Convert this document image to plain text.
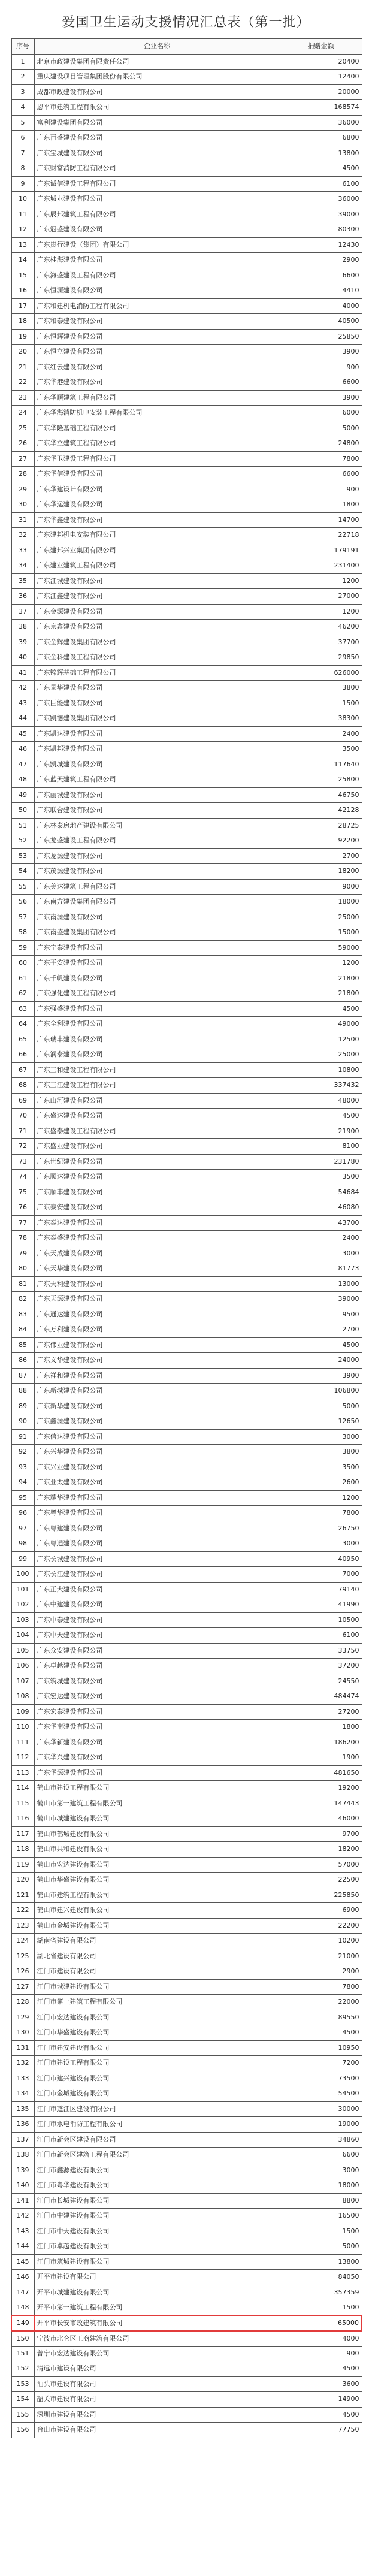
爱国卫生运动支援情况汇总表（第一批）
序号	企业名称	捐赠金额
1	北京市政建设集团有限责任公司	20400
2	重庆建设项目管理集团股份有限公司	12400
3	成都市政建设有限公司	20000
4	恩平市建筑工程有限公司	168574
5	富利建设集团有限公司	36000
6	广东百盛建设有限公司	6800
7	广东宝城建设有限公司	13800
8	广东财富消防工程有限公司	4500
9	广东诚信建设工程有限公司	6100
10	广东城业建设有限公司	36000
11	广东辰邦建筑工程有限公司	39000
12	广东冠盛建设有限公司	80300
13	广东贵行建设（集团）有限公司	12430
14	广东桂海建设有限公司	2900
15	广东海盛建设工程有限公司	6600
16	广东恒源建设有限公司	4410
17	广东和建机电消防工程有限公司	4000
18	广东和泰建设有限公司	40500
19	广东恒辉建设有限公司	25850
20	广东恒立建设有限公司	3900
21	广东红云建设有限公司	900
22	广东华港建设有限公司	6600
23	广东华顺建筑工程有限公司	3900
24	广东华海消防机电安装工程有限公司	6000
25	广东华隆基础工程有限公司	5000
26	广东华立建筑工程有限公司	24800
27	广东华卫建设工程有限公司	7800
28	广东华信建设有限公司	6600
29	广东华建设计有限公司	900
30	广东华运建设有限公司	1800
31	广东华鑫建设有限公司	14700
32	广东建邦机电安装有限公司	22718
33	广东建邦兴业集团有限公司	179191
34	广东建业建筑工程有限公司	231400
35	广东江城建设有限公司	1200
36	广东江鑫建设有限公司	27000
37	广东金源建设有限公司	1200
38	广东京鑫建设有限公司	46200
39	广东金辉建设集团有限公司	37700
40	广东金科建设工程有限公司	29850
41	广东锦辉基础工程有限公司	626000
42	广东景华建设有限公司	3800
43	广东巨能建设有限公司	1500
44	广东凯德建设集团有限公司	38300
45	广东凯达建设有限公司	2400
46	广东凯邦建设有限公司	3500
47	广东凯城建设有限公司	117640
48	广东蓝天建筑工程有限公司	25800
49	广东丽城建设有限公司	46750
50	广东联合建设有限公司	42128
51	广东林泰房地产建设有限公司	28725
52	广东龙盛建设工程有限公司	92200
53	广东龙源建设有限公司	2700
54	广东茂源建设有限公司	18200
55	广东美达建筑工程有限公司	9000
56	广东南方建设集团有限公司	18000
57	广东南源建设有限公司	25000
58	广东南盛建设集团有限公司	15000
59	广东宁泰建设有限公司	59000
60	广东平安建设有限公司	1200
61	广东千帆建设有限公司	21800
62	广东强化建设工程有限公司	21800
63	广东强盛建设有限公司	4500
64	广东全利建设有限公司	49000
65	广东瑞丰建设有限公司	12500
66	广东润泰建设有限公司	25000
67	广东三和建设工程有限公司	10800
68	广东三江建设工程有限公司	337432
69	广东山河建设有限公司	48000
70	广东盛达建设有限公司	4500
71	广东盛泰建设工程有限公司	21900
72	广东盛业建设有限公司	8100
73	广东世纪建设有限公司	231780
74	广东顺达建设有限公司	3500
75	广东顺丰建设有限公司	54684
76	广东泰安建设有限公司	46080
77	广东泰达建设有限公司	43700
78	广东泰盛建设有限公司	2400
79	广东天成建设有限公司	3000
80	广东天华建设有限公司	81773
81	广东天利建设有限公司	13000
82	广东天源建设有限公司	39000
83	广东通达建设有限公司	9500
84	广东万利建设有限公司	2700
85	广东伟业建设有限公司	4500
86	广东文华建设有限公司	24000
87	广东祥和建设有限公司	3900
88	广东新城建设有限公司	106800
89	广东新华建设有限公司	5000
90	广东鑫源建设有限公司	12650
91	广东信达建设有限公司	3000
92	广东兴华建设有限公司	3800
93	广东兴业建设有限公司	3500
94	广东亚太建设有限公司	2600
95	广东耀华建设有限公司	1200
96	广东粤华建设有限公司	7800
97	广东粤建建设有限公司	26750
98	广东粤通建设有限公司	3000
99	广东长城建设有限公司	40950
100	广东长江建设有限公司	7000
101	广东正大建设有限公司	79140
102	广东中建建设有限公司	41990
103	广东中泰建设有限公司	10500
104	广东中天建设有限公司	6100
105	广东众安建设有限公司	33750
106	广东卓越建设有限公司	37200
107	广东筑城建设有限公司	24550
108	广东宏达建设有限公司	484474
109	广东宏泰建设有限公司	27200
110	广东华南建设有限公司	1800
111	广东华新建设有限公司	186200
112	广东华兴建设有限公司	1900
113	广东华源建设有限公司	481650
114	鹤山市建设工程有限公司	19200
115	鹤山市第一建筑工程有限公司	147443
116	鹤山市城建建设有限公司	46000
117	鹤山市鹤城建设有限公司	9700
118	鹤山市共和建设有限公司	18200
119	鹤山市宏达建设有限公司	57000
120	鹤山市华盛建设有限公司	22500
121	鹤山市建筑工程有限公司	225850
122	鹤山市建兴建设有限公司	6900
123	鹤山市金城建设有限公司	22200
124	湖南省建设有限公司	10200
125	湖北省建设有限公司	21000
126	江门市建设有限公司	2900
127	江门市城建建设有限公司	7800
128	江门市第一建筑工程有限公司	22000
129	江门市宏达建设有限公司	89550
130	江门市华盛建设有限公司	4500
131	江门市建安建设有限公司	10950
132	江门市建设工程有限公司	7200
133	江门市建兴建设有限公司	73500
134	江门市金城建设有限公司	54500
135	江门市蓬江区建设有限公司	30000
136	江门市水电消防工程有限公司	19000
137	江门市新会区建设有限公司	34860
138	江门市新会区建筑工程有限公司	6600
139	江门市鑫源建设有限公司	3000
140	江门市粤华建设有限公司	18000
141	江门市长城建设有限公司	8800
142	江门市中建建设有限公司	16500
143	江门市中天建设有限公司	1500
144	江门市卓越建设有限公司	5000
145	江门市筑城建设有限公司	13800
146	开平市建设有限公司	84050
147	开平市城建建设有限公司	357359
148	开平市第一建筑工程有限公司	1500
149	开平市长安市政建筑有限公司	65000
150	宁波市北仑区工商建筑有限公司	4000
151	普宁市宏达建设有限公司	900
152	清远市建设有限公司	4500
153	汕头市建设有限公司	3600
154	韶关市建设有限公司	14900
155	深圳市建设有限公司	4500
156	台山市建设有限公司	77750
